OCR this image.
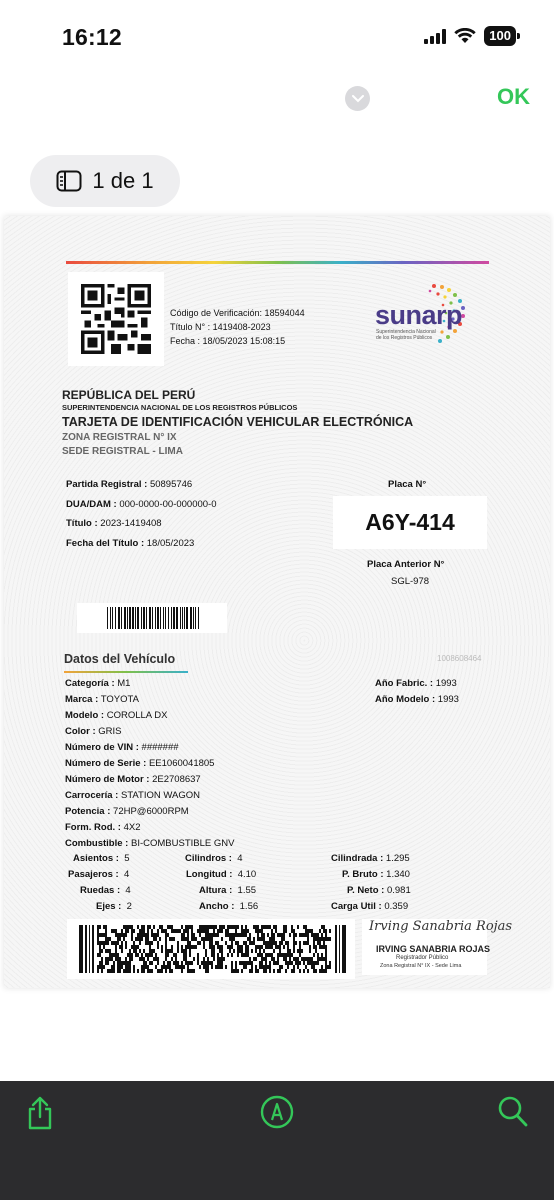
16:12	100
OK
1 de 1
Código de Verificación: 18594044
Título N° : 1419408-2023
Fecha : 18/05/2023 15:08:15
sunarp
Superintendencia Nacional
de los Registros Públicos
REPÚBLICA DEL PERÚ
SUPERINTENDENCIA NACIONAL DE LOS REGISTROS PÚBLICOS
TARJETA DE IDENTIFICACIÓN VEHICULAR ELECTRÓNICA
ZONA REGISTRAL N° IX
SEDE REGISTRAL - LIMA
Partida Registral : 50895746
DUA/DAM : 000-0000-00-000000-0
Título : 2023-1419408
Fecha del Título : 18/05/2023
Placa N°
A6Y-414
Placa Anterior N°
SGL-978
1008608464
Datos del Vehículo
Categoría : M1
Marca : TOYOTA
Modelo : COROLLA DX
Color : GRIS
Número de VIN : #######
Número de Serie : EE1060041805
Número de Motor : 2E2708637
Carrocería : STATION WAGON
Potencia : 72HP@6000RPM
Form. Rod. : 4X2
Combustible : BI-COMBUSTIBLE GNV
Año Fabric. : 1993
Año Modelo : 1993
Asientos : 5
Pasajeros : 4
Ruedas : 4
Ejes : 2
Cilindros : 4
Longitud : 4.10
Altura : 1.55
Ancho : 1.56
Cilindrada : 1.295
P. Bruto : 1.340
P. Neto : 0.981
Carga Util : 0.359
Irving Sanabria Rojas
IRVING SANABRIA ROJAS
Registrador Público
Zona Registral N° IX - Sede Lima
